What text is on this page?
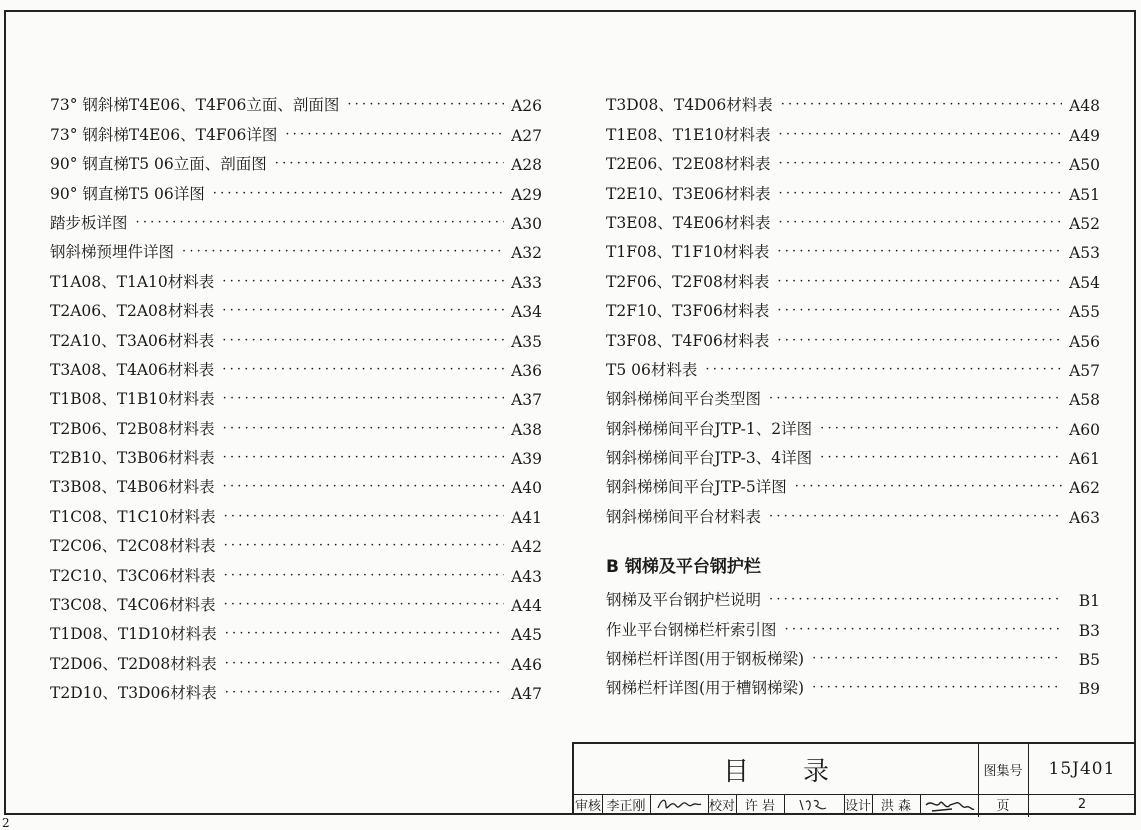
73° 钢斜梯T4E06、T4F06立面、剖面图 ·····	A26
73° 钢斜梯T4E06、T4F06详图 ·····	A27
90° 钢直梯T5 06立面、剖面图 ·····	A28
90° 钢直梯T5 06详图 ·····	A29
踏步板详图 ·····	A30
钢斜梯预埋件详图 ·····	A32
T1A08、T1A10材料表 ·····	A33
T2A06、T2A08材料表 ·····	A34
T2A10、T3A06材料表 ·····	A35
T3A08、T4A06材料表 ·····	A36
T1B08、T1B10材料表 ·····	A37
T2B06、T2B08材料表 ·····	A38
T2B10、T3B06材料表 ·····	A39
T3B08、T4B06材料表 ·····	A40
T1C08、T1C10材料表 ·····	A41
T2C06、T2C08材料表 ·····	A42
T2C10、T3C06材料表 ·····	A43
T3C08、T4C06材料表 ·····	A44
T1D08、T1D10材料表 ·····	A45
T2D06、T2D08材料表 ·····	A46
T2D10、T3D06材料表 ·····	A47
T3D08、T4D06材料表 ·····	A48
T1E08、T1E10材料表 ·····	A49
T2E06、T2E08材料表 ·····	A50
T2E10、T3E06材料表 ·····	A51
T3E08、T4E06材料表 ·····	A52
T1F08、T1F10材料表 ·····	A53
T2F06、T2F08材料表 ·····	A54
T2F10、T3F06材料表 ·····	A55
T3F08、T4F06材料表 ·····	A56
T5 06材料表 ·····	A57
钢斜梯梯间平台类型图 ·····	A58
钢斜梯梯间平台JTP-1、2详图 ·····	A60
钢斜梯梯间平台JTP-3、4详图 ·····	A61
钢斜梯梯间平台JTP-5详图 ·····	A62
钢斜梯梯间平台材料表 ·····	A63
B 钢梯及平台钢护栏
钢梯及平台钢护栏说明 ·····	B1
作业平台钢梯栏杆索引图 ·····	B3
钢梯栏杆详图(用于钢板梯梁) ·····	B5
钢梯栏杆详图(用于槽钢梯梁) ·····	B9
目录	图集号	15J401
页	2
审核 李正刚	校对 许 岩	设计 洪 森
2
